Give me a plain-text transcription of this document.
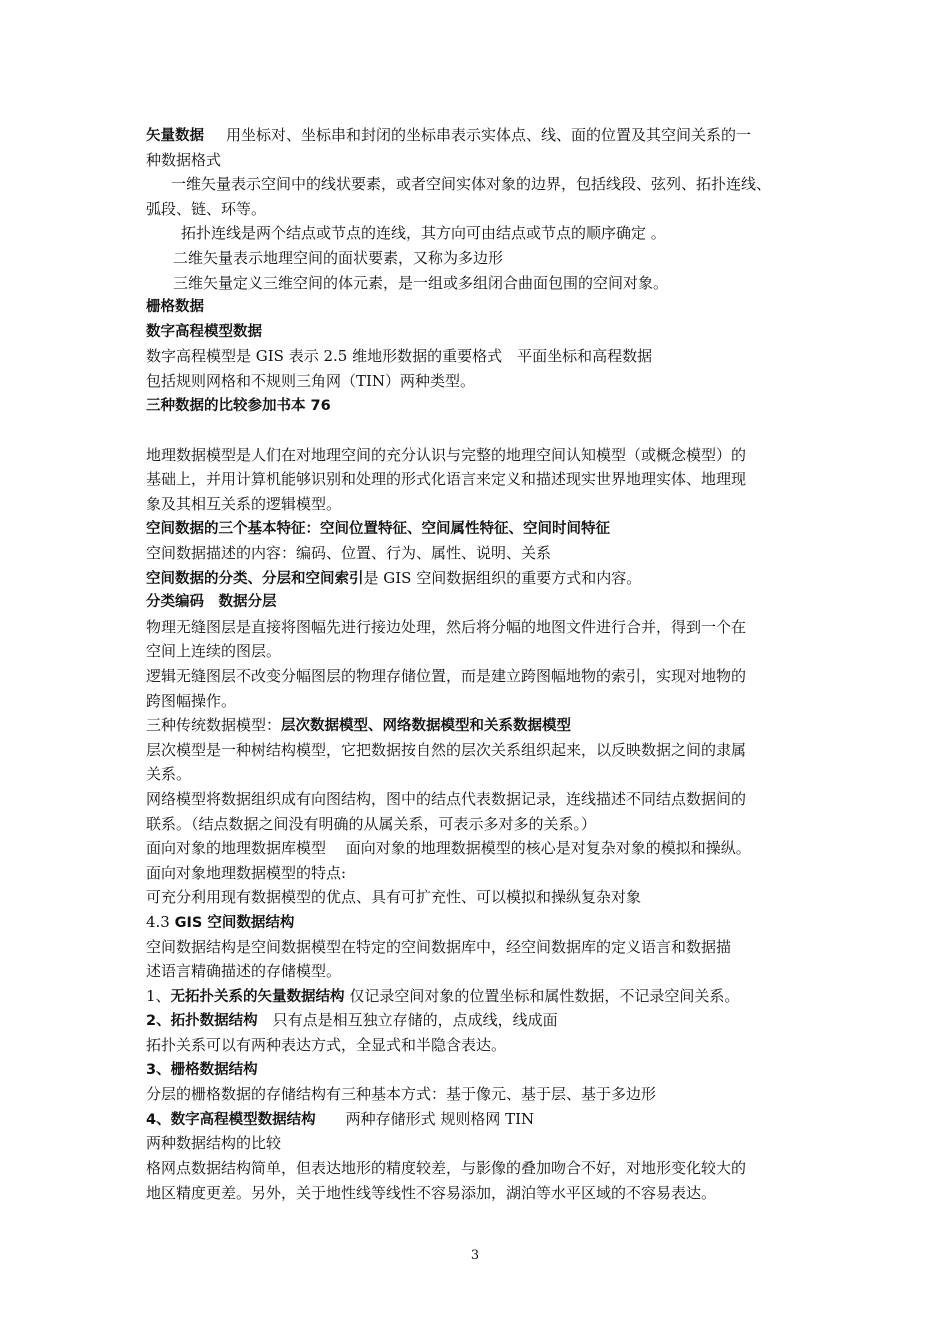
矢量数据 用坐标对、坐标串和封闭的坐标串表示实体点、线、面的位置及其空间关系的一
种数据格式
一维矢量表示空间中的线状要素，或者空间实体对象的边界，包括线段、弦列、拓扑连线、
弧段、链、环等。
拓扑连线是两个结点或节点的连线，其方向可由结点或节点的顺序确定 。
二维矢量表示地理空间的面状要素，又称为多边形
三维矢量定义三维空间的体元素，是一组或多组闭合曲面包围的空间对象。
栅格数据
数字高程模型数据
数字高程模型是 GIS 表示 2.5 维地形数据的重要格式　平面坐标和高程数据
包括规则网格和不规则三角网（TIN）两种类型。
三种数据的比较参加书本 76
地理数据模型是人们在对地理空间的充分认识与完整的地理空间认知模型（或概念模型）的
基础上，并用计算机能够识别和处理的形式化语言来定义和描述现实世界地理实体、地理现
象及其相互关系的逻辑模型。
空间数据的三个基本特征：空间位置特征、空间属性特征、空间时间特征
空间数据描述的内容：编码、位置、行为、属性、说明、关系
空间数据的分类、分层和空间索引是 GIS 空间数据组织的重要方式和内容。
分类编码　数据分层
物理无缝图层是直接将图幅先进行接边处理，然后将分幅的地图文件进行合并，得到一个在
空间上连续的图层。
逻辑无缝图层不改变分幅图层的物理存储位置，而是建立跨图幅地物的索引，实现对地物的
跨图幅操作。
三种传统数据模型：层次数据模型、网络数据模型和关系数据模型
层次模型是一种树结构模型，它把数据按自然的层次关系组织起来，以反映数据之间的隶属
关系。
网络模型将数据组织成有向图结构，图中的结点代表数据记录，连线描述不同结点数据间的
联系。（结点数据之间没有明确的从属关系，可表示多对多的关系。）
面向对象的地理数据库模型　 面向对象的地理数据模型的核心是对复杂对象的模拟和操纵。
面向对象地理数据模型的特点:
可充分利用现有数据模型的优点、具有可扩充性、可以模拟和操纵复杂对象
4.3 GIS 空间数据结构
空间数据结构是空间数据模型在特定的空间数据库中，经空间数据库的定义语言和数据描
述语言精确描述的存储模型。
1、无拓扑关系的矢量数据结构 仅记录空间对象的位置坐标和属性数据，不记录空间关系。
2、拓扑数据结构　只有点是相互独立存储的，点成线，线成面
拓扑关系可以有两种表达方式，全显式和半隐含表达。
3、栅格数据结构
分层的栅格数据的存储结构有三种基本方式：基于像元、基于层、基于多边形
4、数字高程模型数据结构　　两种存储形式 规则格网 TIN
两种数据结构的比较
格网点数据结构简单，但表达地形的精度较差，与影像的叠加吻合不好，对地形变化较大的
地区精度更差。另外，关于地性线等线性不容易添加，湖泊等水平区域的不容易表达。
3
